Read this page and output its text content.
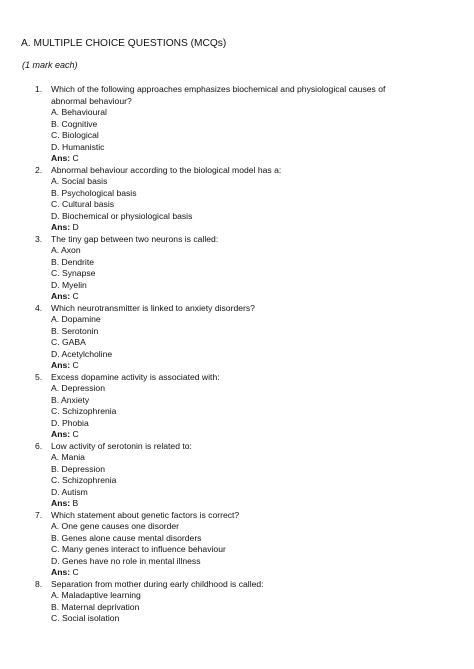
A. MULTIPLE CHOICE QUESTIONS (MCQs)
(1 mark each)
1. Which of the following approaches emphasizes biochemical and physiological causes of abnormal behaviour?
A. Behavioural
B. Cognitive
C. Biological
D. Humanistic
Ans: C
2. Abnormal behaviour according to the biological model has a:
A. Social basis
B. Psychological basis
C. Cultural basis
D. Biochemical or physiological basis
Ans: D
3. The tiny gap between two neurons is called:
A. Axon
B. Dendrite
C. Synapse
D. Myelin
Ans: C
4. Which neurotransmitter is linked to anxiety disorders?
A. Dopamine
B. Serotonin
C. GABA
D. Acetylcholine
Ans: C
5. Excess dopamine activity is associated with:
A. Depression
B. Anxiety
C. Schizophrenia
D. Phobia
Ans: C
6. Low activity of serotonin is related to:
A. Mania
B. Depression
C. Schizophrenia
D. Autism
Ans: B
7. Which statement about genetic factors is correct?
A. One gene causes one disorder
B. Genes alone cause mental disorders
C. Many genes interact to influence behaviour
D. Genes have no role in mental illness
Ans: C
8. Separation from mother during early childhood is called:
A. Maladaptive learning
B. Maternal deprivation
C. Social isolation
